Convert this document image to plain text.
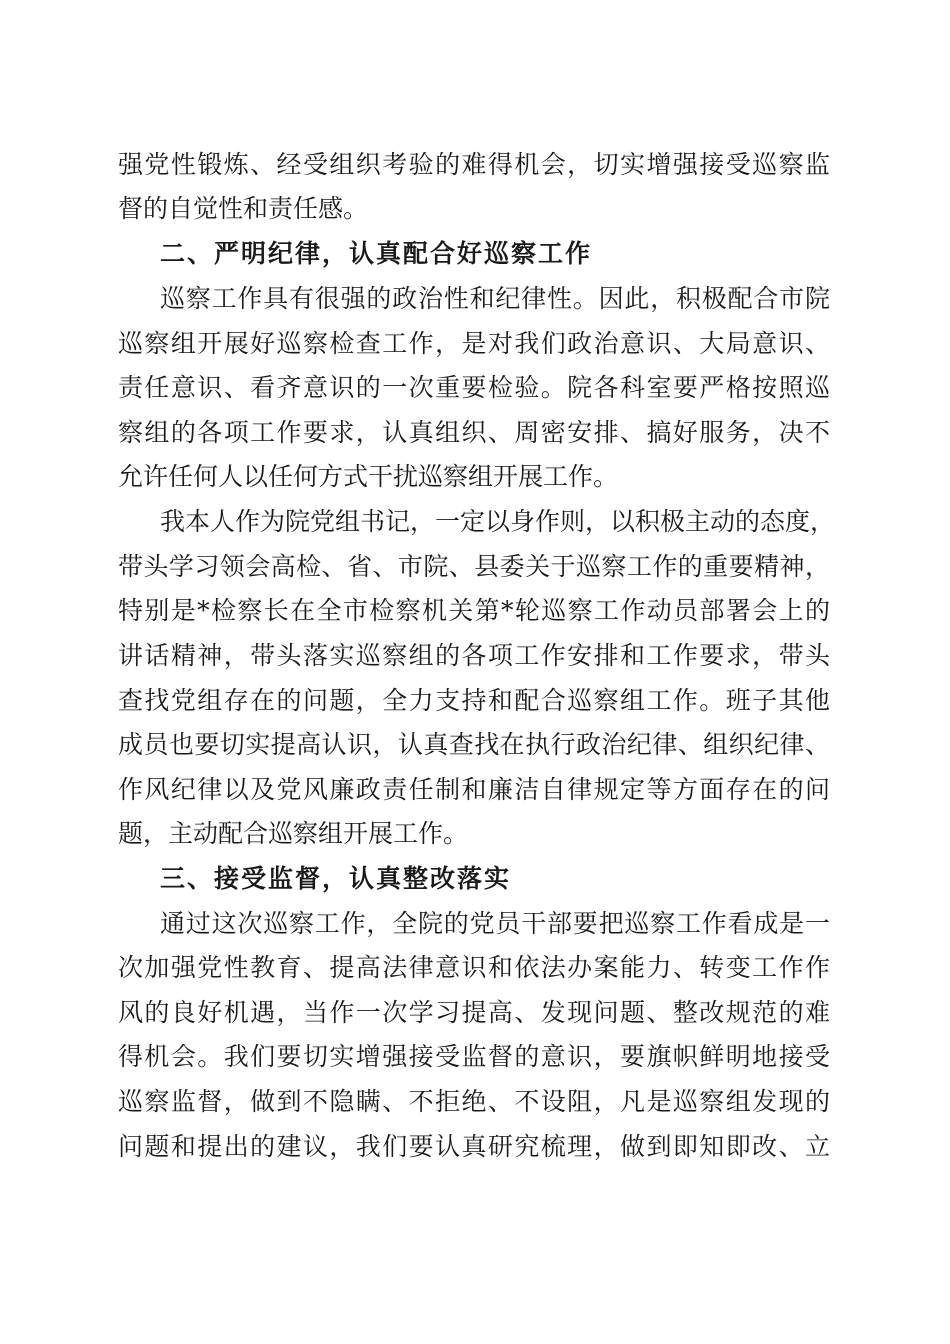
强党性锻炼、经受组织考验的难得机会，切实增强接受巡察监
督的自觉性和责任感。
二、严明纪律，认真配合好巡察工作
巡察工作具有很强的政治性和纪律性。因此，积极配合市院
巡察组开展好巡察检查工作，是对我们政治意识、大局意识、
责任意识、看齐意识的一次重要检验。院各科室要严格按照巡
察组的各项工作要求，认真组织、周密安排、搞好服务，决不
允许任何人以任何方式干扰巡察组开展工作。
我本人作为院党组书记，一定以身作则，以积极主动的态度，
带头学习领会高检、省、市院、县委关于巡察工作的重要精神，
特别是*检察长在全市检察机关第*轮巡察工作动员部署会上的
讲话精神，带头落实巡察组的各项工作安排和工作要求，带头
查找党组存在的问题，全力支持和配合巡察组工作。班子其他
成员也要切实提高认识，认真查找在执行政治纪律、组织纪律、
作风纪律以及党风廉政责任制和廉洁自律规定等方面存在的问
题，主动配合巡察组开展工作。
三、接受监督，认真整改落实
通过这次巡察工作，全院的党员干部要把巡察工作看成是一
次加强党性教育、提高法律意识和依法办案能力、转变工作作
风的良好机遇，当作一次学习提高、发现问题、整改规范的难
得机会。我们要切实增强接受监督的意识，要旗帜鲜明地接受
巡察监督，做到不隐瞒、不拒绝、不设阻，凡是巡察组发现的
问题和提出的建议，我们要认真研究梳理，做到即知即改、立
